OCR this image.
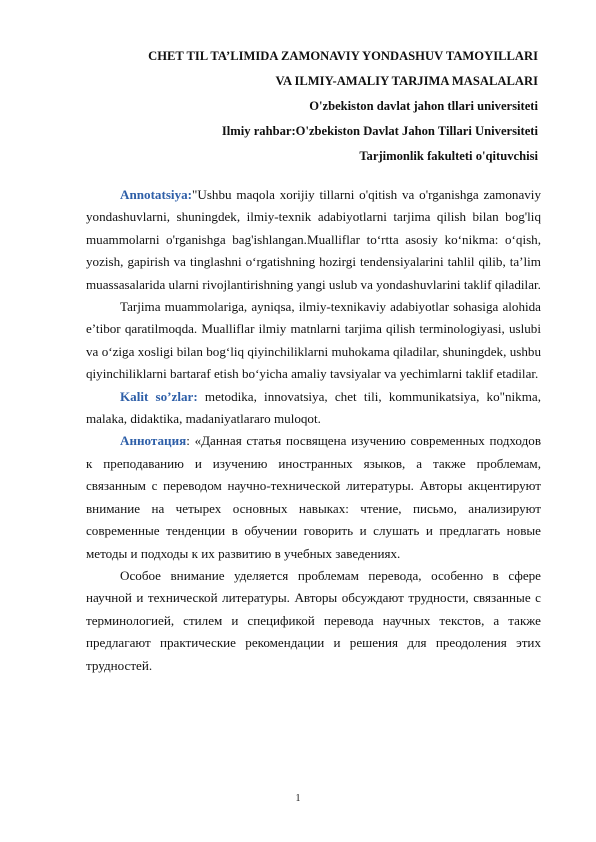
CHET TIL TA’LIMIDA ZAMONAVIY YONDASHUV TAMOYILLARI
VA ILMIY-AMALIY TARJIMA MASALALARI
O'zbekiston davlat jahon tllari universiteti
Ilmiy rahbar:O'zbekiston Davlat Jahon Tillari Universiteti
Tarjimonlik fakulteti o'qituvchisi

Annotatsiya:"Ushbu maqola xorijiy tillarni o'qitish va o'rganishga zamonaviy yondashuvlarni, shuningdek, ilmiy-texnik adabiyotlarni tarjima qilish bilan bog'liq muammolarni o'rganishga bag'ishlangan.Mualliflar to‘rtta asosiy ko‘nikma: o‘qish, yozish, gapirish va tinglashni o‘rgatishning hozirgi tendensiyalarini tahlil qilib, ta’lim muassasalarida ularni rivojlantirishning yangi uslub va yondashuvlarini taklif qiladilar.

Tarjima muammolariga, ayniqsa, ilmiy-texnikaviy adabiyotlar sohasiga alohida e’tibor qaratilmoqda. Mualliflar ilmiy matnlarni tarjima qilish terminologiyasi, uslubi va o‘ziga xosligi bilan bog‘liq qiyinchiliklarni muhokama qiladilar, shuningdek, ushbu qiyinchiliklarni bartaraf etish bo‘yicha amaliy tavsiyalar va yechimlarni taklif etadilar.

Kalit so’zlar: metodika, innovatsiya, chet tili, kommunikatsiya, ko"nikma, malaka, didaktika, madaniyatlararo muloqot.

Аннотация: «Данная статья посвящена изучению современных подходов к преподаванию и изучению иностранных языков, а также проблемам, связанным с переводом научно-технической литературы. Авторы акцентируют внимание на четырех основных навыках: чтение, письмо, анализируют современные тенденции в обучении говорить и слушать и предлагать новые методы и подходы к их развитию в учебных заведениях.

Особое внимание уделяется проблемам перевода, особенно в сфере научной и технической литературы. Авторы обсуждают трудности, связанные с терминологией, стилем и спецификой перевода научных текстов, а также предлагают практические рекомендации и решения для преодоления этих трудностей.

1
